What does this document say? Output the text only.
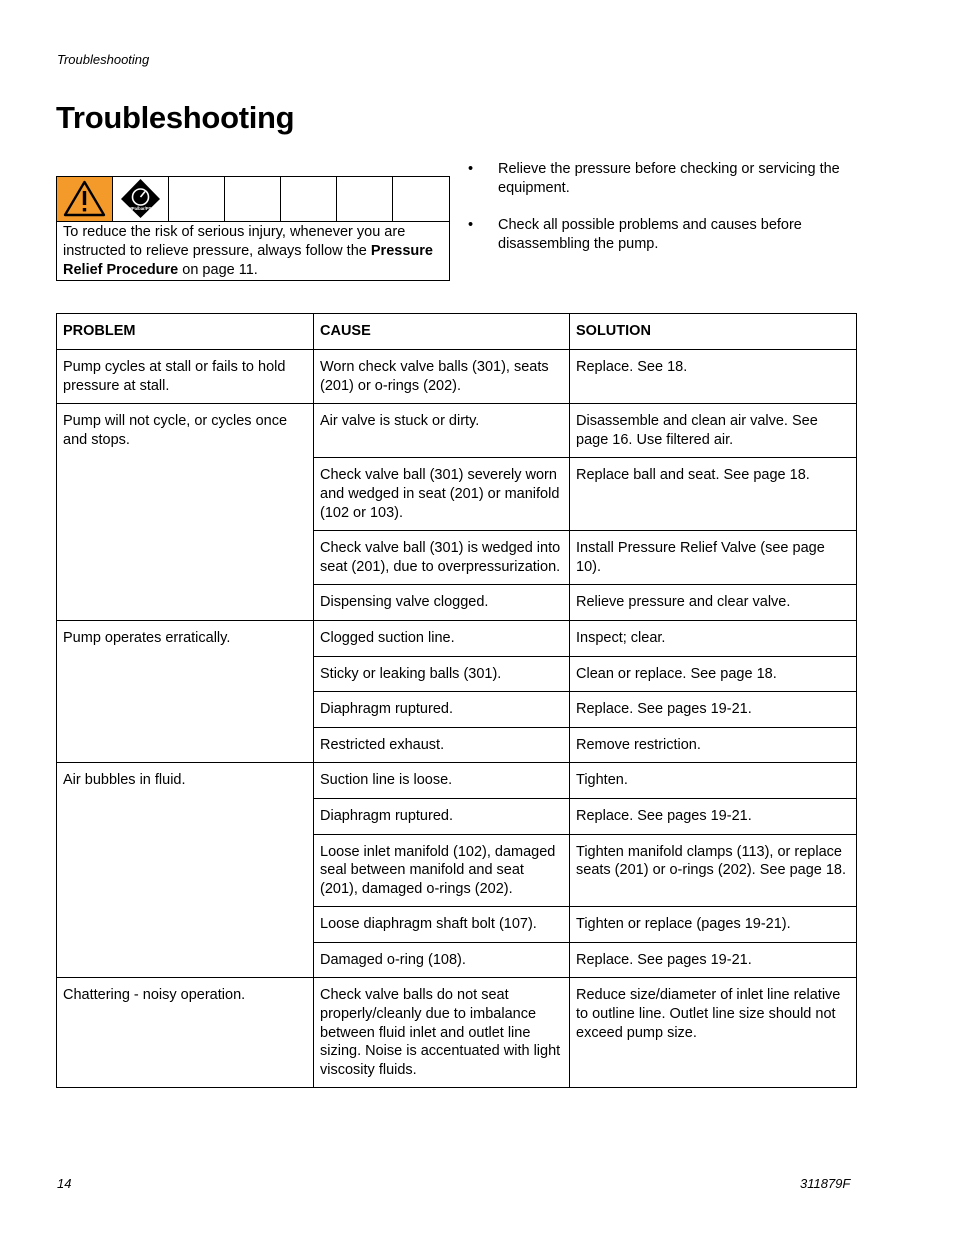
Troubleshooting
Troubleshooting
MPa/bar/PSI
To reduce the risk of serious injury, whenever you are instructed to relieve pressure, always follow the Pressure Relief Procedure on page 11.
• Relieve the pressure before checking or servicing the equipment.
• Check all possible problems and causes before disassembling the pump.
PROBLEM	CAUSE	SOLUTION
Pump cycles at stall or fails to hold pressure at stall.	Worn check valve balls (301), seats (201) or o-rings (202).	Replace. See 18.
Pump will not cycle, or cycles once and stops.	Air valve is stuck or dirty.	Disassemble and clean air valve. See page 16. Use filtered air.
	Check valve ball (301) severely worn and wedged in seat (201) or manifold (102 or 103).	Replace ball and seat. See page 18.
	Check valve ball (301) is wedged into seat (201), due to overpressurization.	Install Pressure Relief Valve (see page 10).
	Dispensing valve clogged.	Relieve pressure and clear valve.
Pump operates erratically.	Clogged suction line.	Inspect; clear.
	Sticky or leaking balls (301).	Clean or replace. See page 18.
	Diaphragm ruptured.	Replace. See pages 19-21.
	Restricted exhaust.	Remove restriction.
Air bubbles in fluid.	Suction line is loose.	Tighten.
	Diaphragm ruptured.	Replace. See pages 19-21.
	Loose inlet manifold (102), damaged seal between manifold and seat (201), damaged o-rings (202).	Tighten manifold clamps (113), or replace seats (201) or o-rings (202). See page 18.
	Loose diaphragm shaft bolt (107).	Tighten or replace (pages 19-21).
	Damaged o-ring (108).	Replace. See pages 19-21.
Chattering - noisy operation.	Check valve balls do not seat properly/cleanly due to imbalance between fluid inlet and outlet line sizing. Noise is accentuated with light viscosity fluids.	Reduce size/diameter of inlet line relative to outline line. Outlet line size should not exceed pump size.
14	311879F
